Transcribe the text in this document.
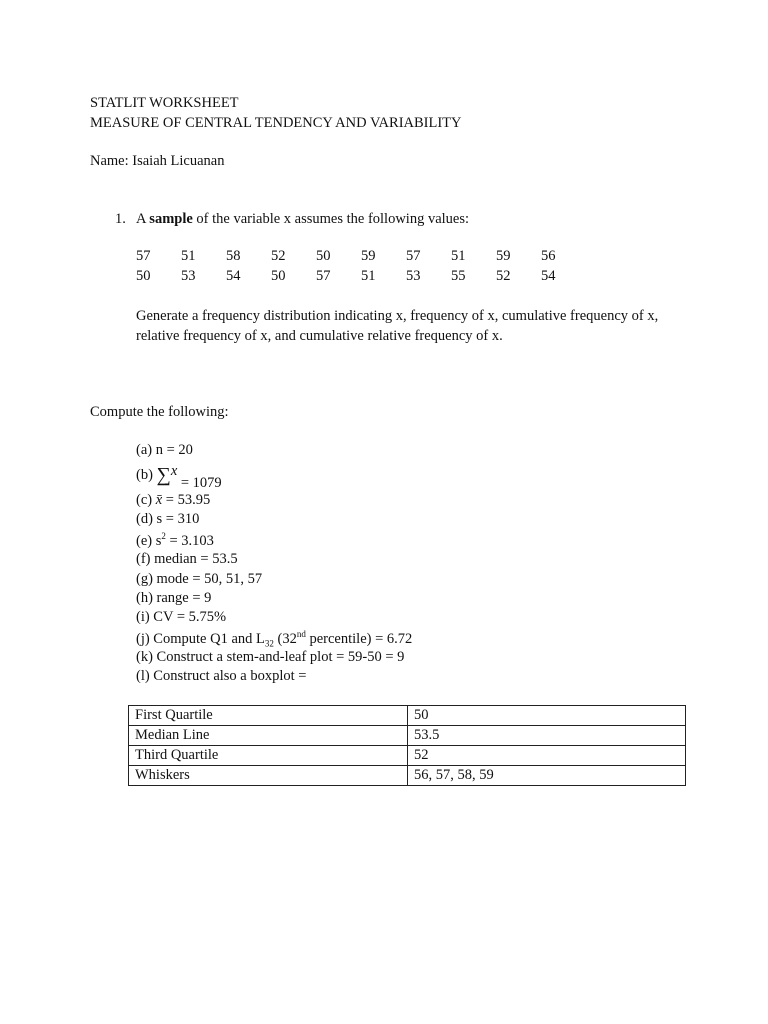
STATLIT WORKSHEET
MEASURE OF CENTRAL TENDENCY AND VARIABILITY
Name: Isaiah Licuanan
1. A sample of the variable x assumes the following values:
57	51	58	52	50	59	57	51	59	56
50	53	54	50	57	51	53	55	52	54
Generate a frequency distribution indicating x, frequency of x, cumulative frequency of x, relative frequency of x, and cumulative relative frequency of x.
Compute the following:
(a) n = 20
(b) ∑x = 1079
(c) x̄ = 53.95
(d) s = 310
(e) $s^2 = 3.103$
(f) median = 53.5
(g) mode = 50, 51, 57
(h) range = 9
(i) CV = 5.75%
(j) Compute Q1 and $L_{32}$ (32nd percentile) = 6.72
(k) Construct a stem-and-leaf plot = 59-50 = 9
(l) Construct also a boxplot =
First Quartile	50
Median Line	53.5
Third Quartile	52
Whiskers	56, 57, 58, 59
